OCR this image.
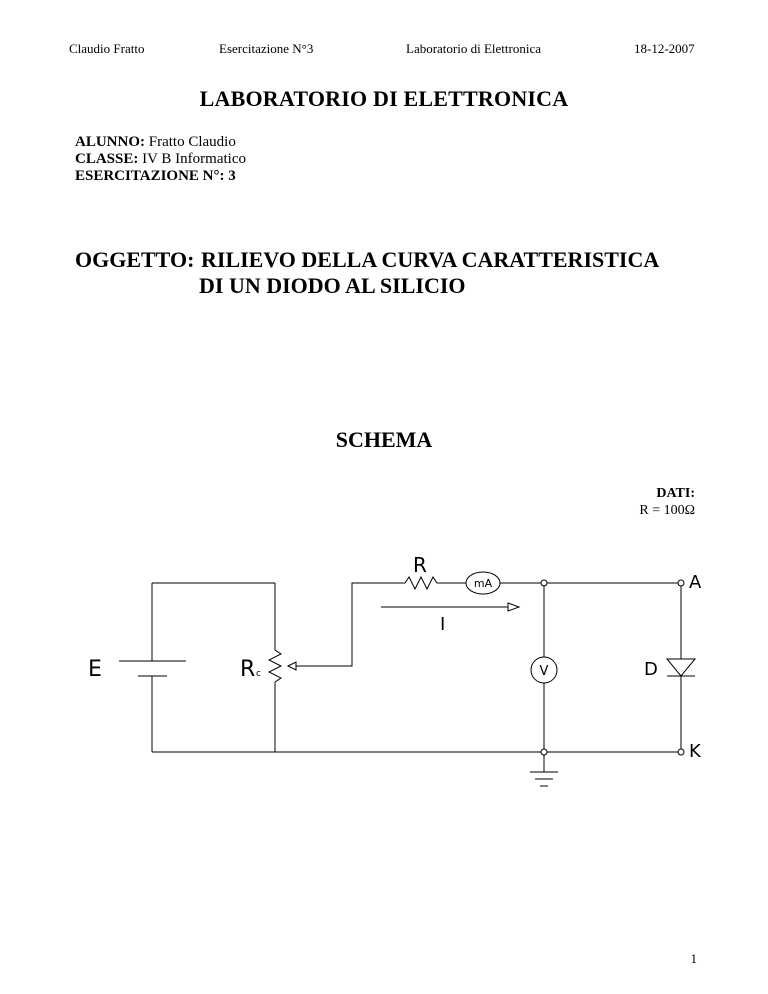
Claudio Fratto	Esercitazione N°3	Laboratorio di Elettronica	18-12-2007
LABORATORIO DI ELETTRONICA
ALUNNO: Fratto Claudio
CLASSE: IV B Informatico
ESERCITAZIONE N°: 3
OGGETTO: RILIEVO DELLA CURVA CARATTERISTICA
DI UN DIODO AL SILICIO
SCHEMA
DATI:
R = 100Ω
E	R c
R
mA
I
V	D
A
K
1
